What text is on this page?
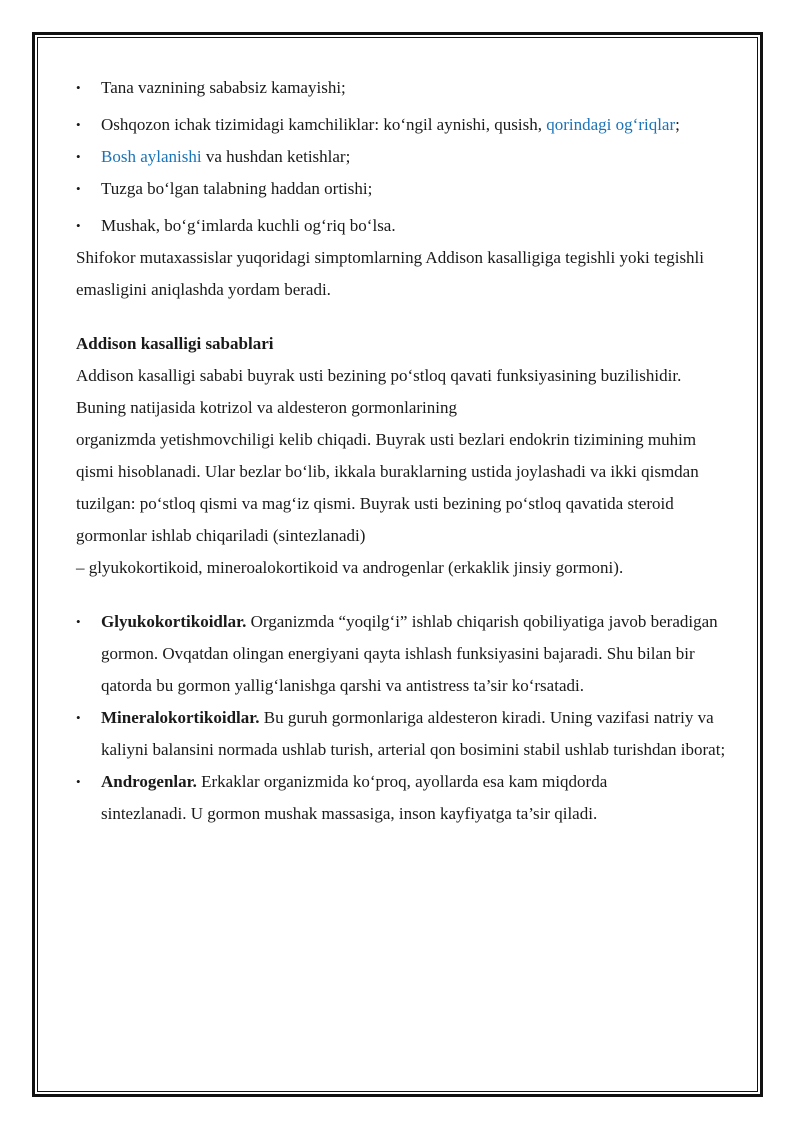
•	Tana vaznining sababsiz kamayishi;
•	Oshqozon ichak tizimidagi kamchiliklar: ko‘ngil aynishi, qusish, qorindagi og‘riqlar;
•	Bosh aylanishi va hushdan ketishlar;
•	Tuzga bo‘lgan talabning haddan ortishi;
•	Mushak, bo‘g‘imlarda kuchli og‘riq bo‘lsa.

Shifokor mutaxassislar yuqoridagi simptomlarning Addison kasalligiga tegishli yoki tegishli emasligini aniqlashda yordam beradi.

Addison kasalligi sabablari

Addison kasalligi sababi buyrak usti bezining po‘stloq qavati funksiyasining buzilishidir. Buning natijasida kotrizol va aldesteron gormonlarining

organizmda yetishmovchiligi kelib chiqadi. Buyrak usti bezlari endokrin tizimining muhim qismi hisoblanadi. Ular bezlar bo‘lib, ikkala buraklarning ustida joylashadi va ikki qismdan tuzilgan: po‘stloq qismi va mag‘iz qismi. Buyrak usti bezining po‘stloq qavatida steroid gormonlar ishlab chiqariladi (sintezlanadi)

– glyukokortikoid, mineroalokortikoid va androgenlar (erkaklik jinsiy gormoni).

•	Glyukokortikoidlar. Organizmda “yoqilg‘i” ishlab chiqarish qobiliyatiga javob beradigan gormon. Ovqatdan olingan energiyani qayta ishlash funksiyasini bajaradi. Shu bilan bir qatorda bu gormon yallig‘lanishga qarshi va antistress ta’sir ko‘rsatadi.
•	Mineralokortikoidlar. Bu guruh gormonlariga aldesteron kiradi. Uning vazifasi natriy va kaliyni balansini normada ushlab turish, arterial qon bosimini stabil ushlab turishdan iborat;
•	Androgenlar. Erkaklar organizmida ko‘proq, ayollarda esa kam miqdorda sintezlanadi. U gormon mushak massasiga, inson kayfiyatga ta’sir qiladi.
